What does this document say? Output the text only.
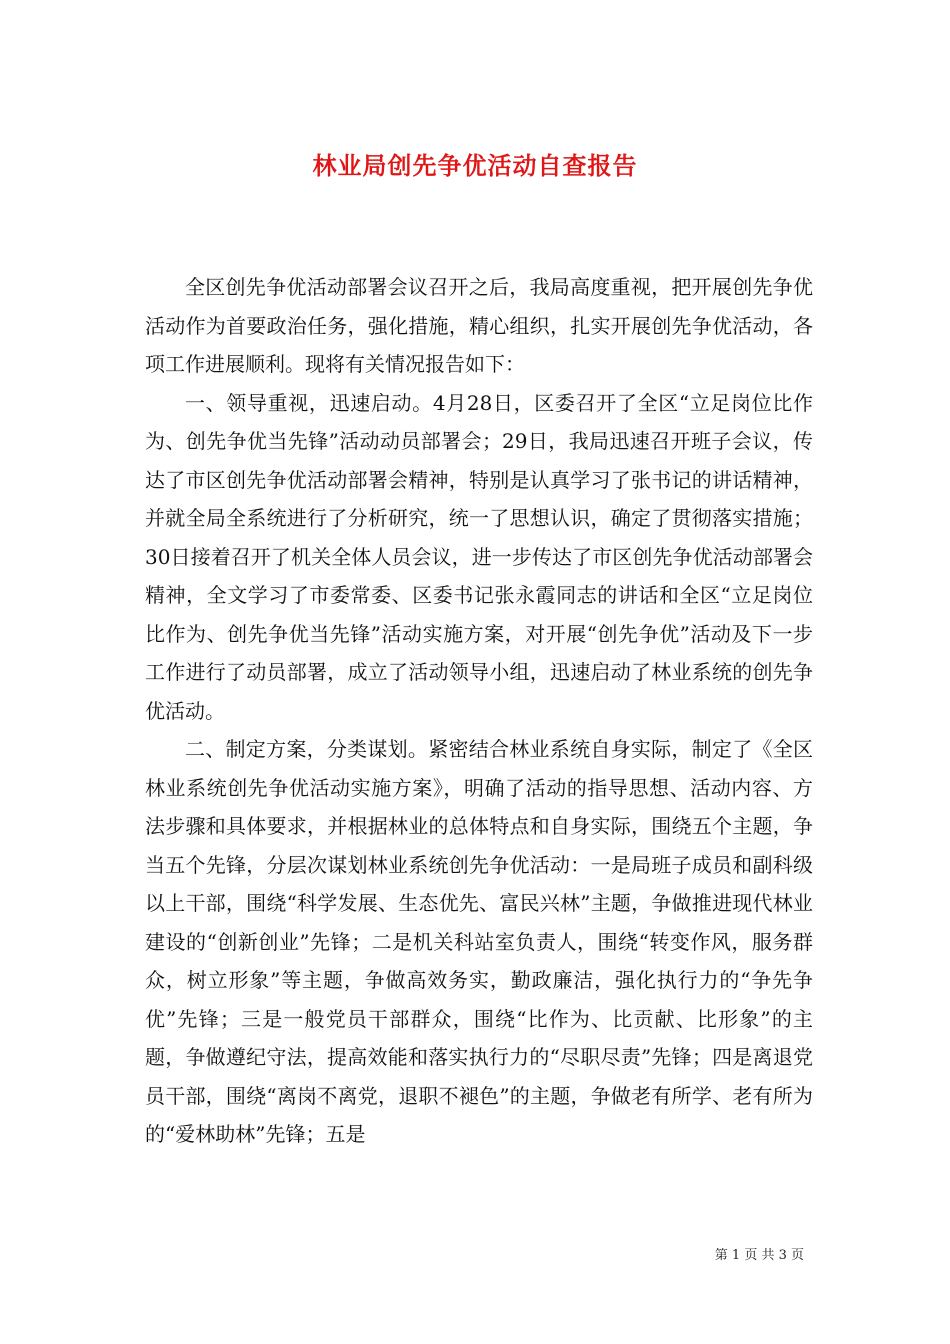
林业局创先争优活动自查报告

全区创先争优活动部署会议召开之后，我局高度重视，把开展创先争优活动作为首要政治任务，强化措施，精心组织，扎实开展创先争优活动，各项工作进展顺利。现将有关情况报告如下：

一、领导重视，迅速启动。4月28日，区委召开了全区“立足岗位比作为、创先争优当先锋”活动动员部署会；29日，我局迅速召开班子会议，传达了市区创先争优活动部署会精神，特别是认真学习了张书记的讲话精神，并就全局全系统进行了分析研究，统一了思想认识，确定了贯彻落实措施；30日接着召开了机关全体人员会议，进一步传达了市区创先争优活动部署会精神，全文学习了市委常委、区委书记张永霞同志的讲话和全区“立足岗位比作为、创先争优当先锋”活动实施方案，对开展“创先争优”活动及下一步工作进行了动员部署，成立了活动领导小组，迅速启动了林业系统的创先争优活动。

二、制定方案，分类谋划。紧密结合林业系统自身实际，制定了《全区林业系统创先争优活动实施方案》，明确了活动的指导思想、活动内容、方法步骤和具体要求，并根据林业的总体特点和自身实际，围绕五个主题，争当五个先锋，分层次谋划林业系统创先争优活动：一是局班子成员和副科级以上干部，围绕“科学发展、生态优先、富民兴林”主题，争做推进现代林业建设的“创新创业”先锋；二是机关科站室负责人，围绕“转变作风，服务群众，树立形象”等主题，争做高效务实，勤政廉洁，强化执行力的“争先争优”先锋；三是一般党员干部群众，围绕“比作为、比贡献、比形象”的主题，争做遵纪守法，提高效能和落实执行力的“尽职尽责”先锋；四是离退党员干部，围绕“离岗不离党，退职不褪色”的主题，争做老有所学、老有所为的“爱林助林”先锋；五是

第 1 页 共 3 页
